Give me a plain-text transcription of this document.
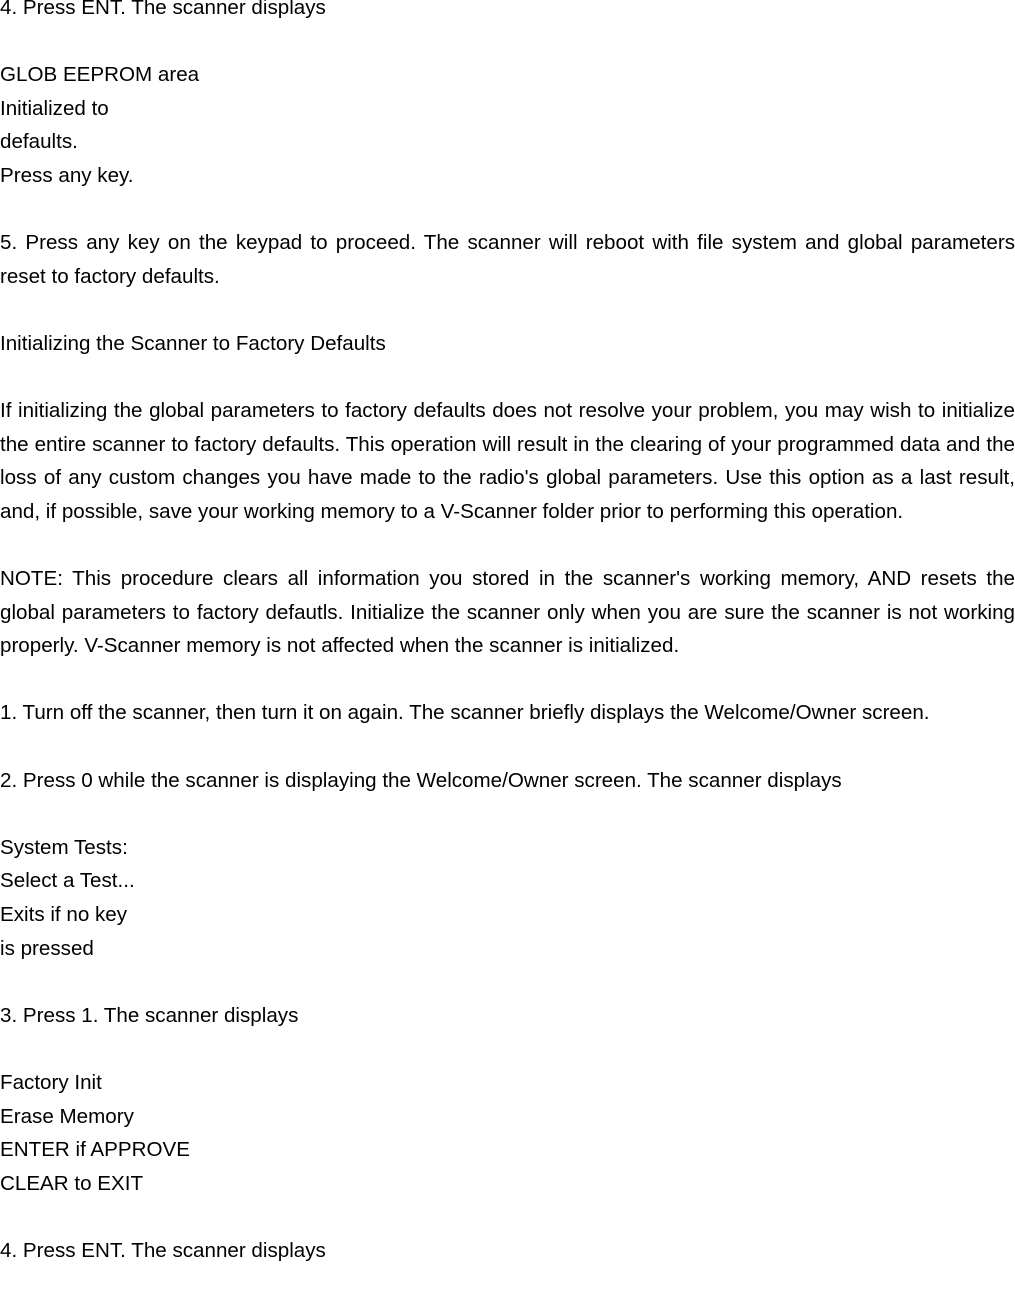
4. Press ENT. The scanner displays
GLOB EEPROM area
Initialized to
defaults.
Press any key.
5. Press any key on the keypad to proceed. The scanner will reboot with file system and global parameters reset to factory defaults.
Initializing the Scanner to Factory Defaults
If initializing the global parameters to factory defaults does not resolve your problem, you may wish to initialize the entire scanner to factory defaults. This operation will result in the clearing of your programmed data and the loss of any custom changes you have made to the radio's global parameters. Use this option as a last result, and, if possible, save your working memory to a V-Scanner folder prior to performing this operation.
NOTE: This procedure clears all information you stored in the scanner's working memory, AND resets the global parameters to factory defautls. Initialize the scanner only when you are sure the scanner is not working properly. V-Scanner memory is not affected when the scanner is initialized.
1. Turn off the scanner, then turn it on again. The scanner briefly displays the Welcome/Owner screen.
2. Press 0 while the scanner is displaying the Welcome/Owner screen. The scanner displays
System Tests:
Select a Test...
Exits if no key
is pressed
3. Press 1. The scanner displays
Factory Init
Erase Memory
ENTER if APPROVE
CLEAR to EXIT
4. Press ENT. The scanner displays
